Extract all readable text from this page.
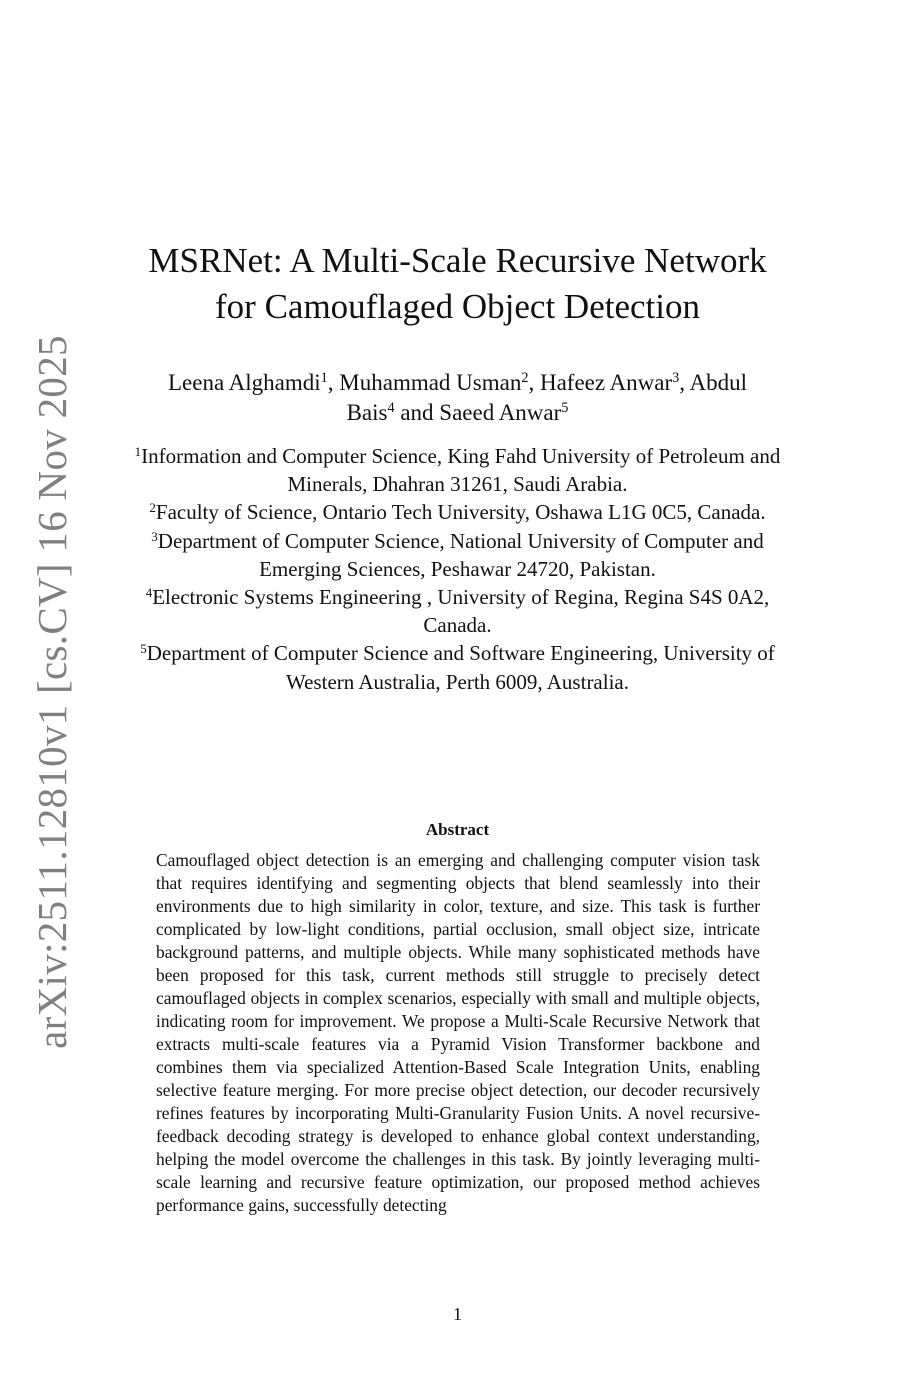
arXiv:2511.12810v1 [cs.CV] 16 Nov 2025
MSRNet: A Multi-Scale Recursive Network for Camouflaged Object Detection
Leena Alghamdi$^1$, Muhammad Usman$^2$, Hafeez Anwar$^3$, Abdul Bais$^4$ and Saeed Anwar$^5$
$^1$Information and Computer Science, King Fahd University of Petroleum and Minerals, Dhahran 31261, Saudi Arabia.
$^2$Faculty of Science, Ontario Tech University, Oshawa L1G 0C5, Canada.
$^3$Department of Computer Science, National University of Computer and Emerging Sciences, Peshawar 24720, Pakistan.
$^4$Electronic Systems Engineering , University of Regina, Regina S4S 0A2, Canada.
$^5$Department of Computer Science and Software Engineering, University of Western Australia, Perth 6009, Australia.
Abstract

Camouflaged object detection is an emerging and challenging computer vision task that requires identifying and segmenting objects that blend seamlessly into their environments due to high similarity in color, texture, and size. This task is further complicated by low-light conditions, partial occlusion, small object size, intricate background patterns, and multiple objects. While many sophisticated methods have been proposed for this task, current methods still struggle to precisely detect camouflaged objects in complex scenarios, especially with small and multiple objects, indicating room for improvement. We propose a Multi-Scale Recursive Network that extracts multi-scale features via a Pyramid Vision Transformer backbone and combines them via specialized Attention-Based Scale Integration Units, enabling selective feature merging. For more precise object detection, our decoder recursively refines features by incorporating Multi-Granularity Fusion Units. A novel recursive-feedback decoding strategy is developed to enhance global context understanding, helping the model overcome the challenges in this task. By jointly leveraging multi-scale learning and recursive feature optimization, our proposed method achieves performance gains, successfully detecting

1
